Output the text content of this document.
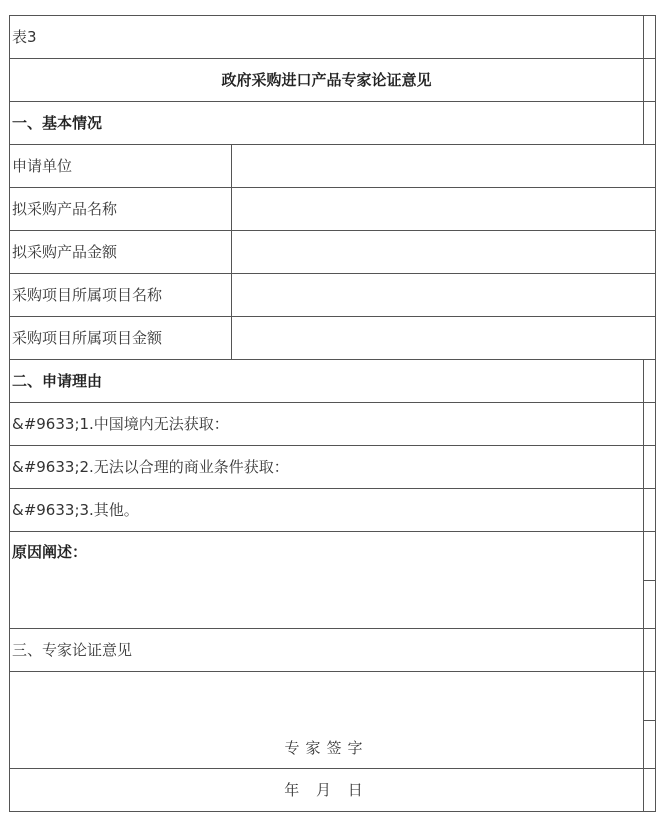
表3		
政府采购进口产品专家论证意见		
一、基本情况		
申请单位		
拟采购产品名称		
拟采购产品金额		
采购项目所属项目名称		
采购项目所属项目金额		
二、申请理由		
&#9633;1.中国境内无法获取：		
&#9633;2.无法以合理的商业条件获取：		
&#9633;3.其他。		
原因阐述：		

三、专家论证意见		
专家签字		

年 月 日		
